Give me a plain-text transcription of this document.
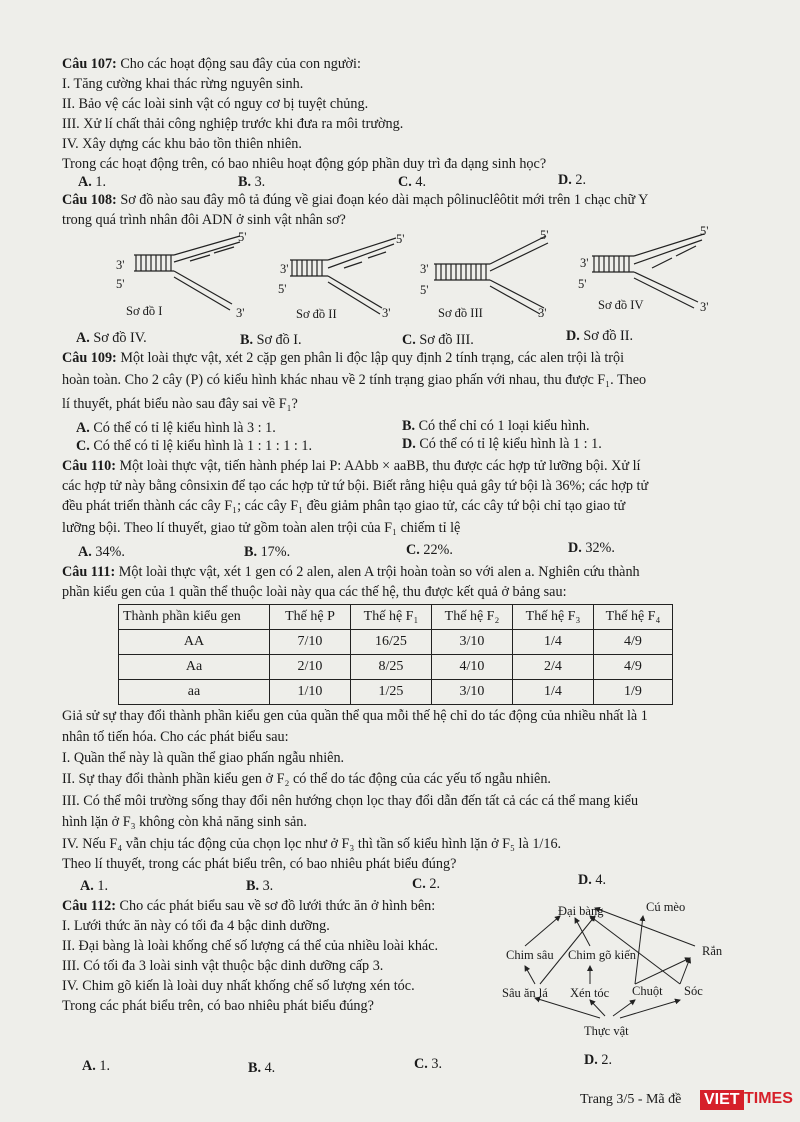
Câu 107: Cho các hoạt động sau đây của con người:
I. Tăng cường khai thác rừng nguyên sinh.
II. Bảo vệ các loài sinh vật có nguy cơ bị tuyệt chủng.
III. Xử lí chất thải công nghiệp trước khi đưa ra môi trường.
IV. Xây dựng các khu bảo tồn thiên nhiên.
Trong các hoạt động trên, có bao nhiêu hoạt động góp phần duy trì đa dạng sinh học?
A. 1.	B. 3.	C. 4.	D. 2.
Câu 108: Sơ đồ nào sau đây mô tả đúng về giai đoạn kéo dài mạch pôlinuclêôtit mới trên 1 chạc chữ Y
trong quá trình nhân đôi ADN ở sinh vật nhân sơ?
5'
3'
5'
3'
Sơ đồ I
5'
3'
5'
3'
Sơ đồ II
5'
3'
5'
3'
Sơ đồ III
5'
3'
5'
3'
Sơ đồ IV
A. Sơ đồ IV.	B. Sơ đồ I.	C. Sơ đồ III.	D. Sơ đồ II.
Câu 109: Một loài thực vật, xét 2 cặp gen phân li độc lập quy định 2 tính trạng, các alen trội là trội
hoàn toàn. Cho 2 cây (P) có kiểu hình khác nhau về 2 tính trạng giao phấn với nhau, thu được F₁. Theo
lí thuyết, phát biểu nào sau đây sai về F₁?
A. Có thể có tỉ lệ kiểu hình là 3 : 1.	B. Có thể chỉ có 1 loại kiểu hình.
C. Có thể có tỉ lệ kiểu hình là 1 : 1 : 1 : 1.	D. Có thể có tỉ lệ kiểu hình là 1 : 1.
Câu 110: Một loài thực vật, tiến hành phép lai P: AAbb × aaBB, thu được các hợp tử lưỡng bội. Xử lí
các hợp tử này bằng cônsixin để tạo các hợp tử tứ bội. Biết rằng hiệu quả gây tứ bội là 36%; các hợp tử
đều phát triển thành các cây F₁; các cây F₁ đều giảm phân tạo giao tử, các cây tứ bội chỉ tạo giao tử
lưỡng bội. Theo lí thuyết, giao tử gồm toàn alen trội của F₁ chiếm tỉ lệ
A. 34%.	B. 17%.	C. 22%.	D. 32%.
Câu 111: Một loài thực vật, xét 1 gen có 2 alen, alen A trội hoàn toàn so với alen a. Nghiên cứu thành
phần kiểu gen của 1 quần thể thuộc loài này qua các thế hệ, thu được kết quả ở bảng sau:
Thành phần kiểu gen	Thế hệ P	Thế hệ F₁	Thế hệ F₂	Thế hệ F₃	Thế hệ F₄
AA	7/10	16/25	3/10	1/4	4/9
Aa	2/10	8/25	4/10	2/4	4/9
aa	1/10	1/25	3/10	1/4	1/9
Giả sử sự thay đổi thành phần kiểu gen của quần thể qua mỗi thế hệ chỉ do tác động của nhiều nhất là 1
nhân tố tiến hóa. Cho các phát biểu sau:
I. Quần thể này là quần thể giao phấn ngẫu nhiên.
II. Sự thay đổi thành phần kiểu gen ở F₂ có thể do tác động của các yếu tố ngẫu nhiên.
III. Có thể môi trường sống thay đổi nên hướng chọn lọc thay đổi dẫn đến tất cả các cá thể mang kiểu
hình lặn ở F₃ không còn khả năng sinh sản.
IV. Nếu F₄ vẫn chịu tác động của chọn lọc như ở F₃ thì tần số kiểu hình lặn ở F₅ là 1/16.
Theo lí thuyết, trong các phát biểu trên, có bao nhiêu phát biểu đúng?
A. 1.	B. 3.	C. 2.	D. 4.
Câu 112: Cho các phát biểu sau về sơ đồ lưới thức ăn ở hình bên:
I. Lưới thức ăn này có tối đa 4 bậc dinh dưỡng.
II. Đại bàng là loài khống chế số lượng cá thể của nhiều loài khác.
III. Có tối đa 3 loài sinh vật thuộc bậc dinh dưỡng cấp 3.
IV. Chim gõ kiến là loài duy nhất khống chế số lượng xén tóc.
Trong các phát biểu trên, có bao nhiêu phát biểu đúng?
Đại bàng	Cú mèo
Rắn
Chim sâu Chim gõ kiến
Sâu ăn lá Xén tóc Chuột Sóc
Thực vật
A. 1.	B. 4.	C. 3.	D. 2.
Trang 3/5 - Mã đề VIET TIMES
